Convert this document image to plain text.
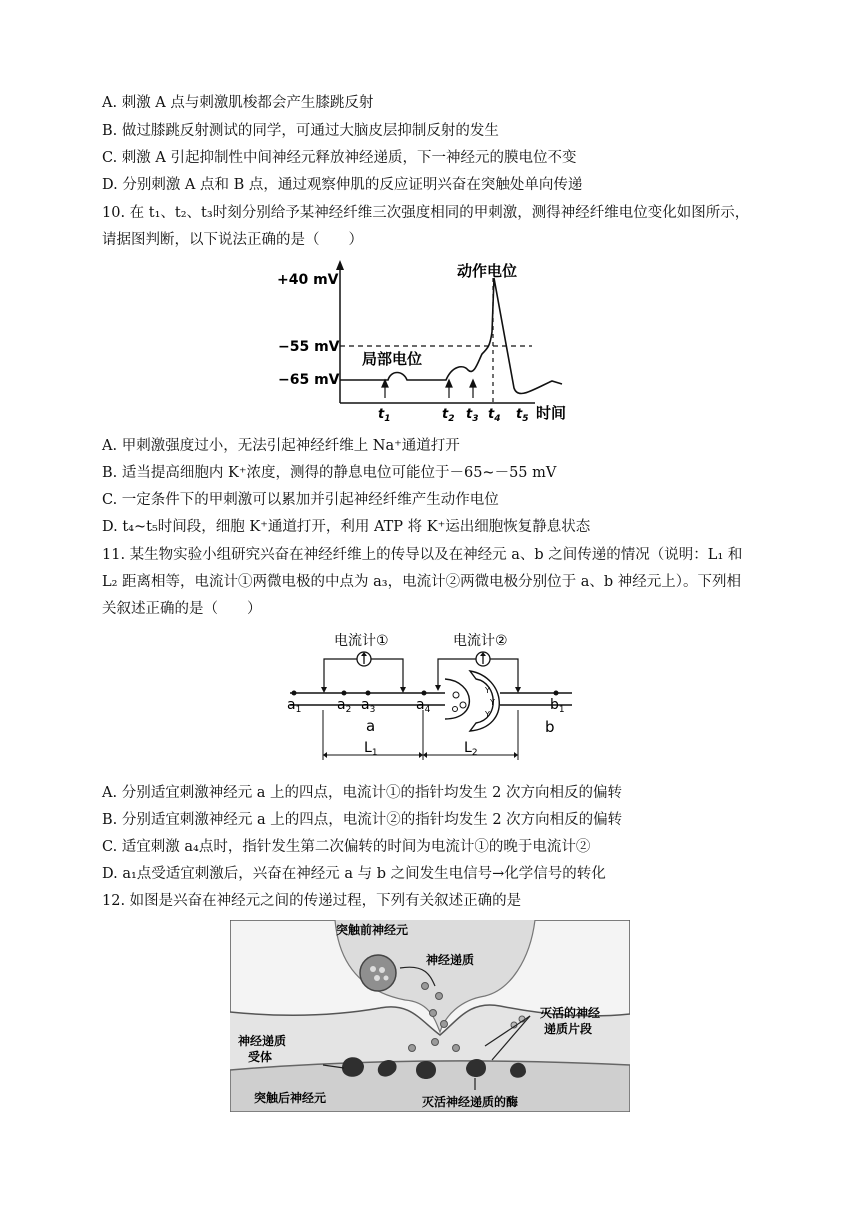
A. 刺激 A 点与刺激肌梭都会产生膝跳反射
B. 做过膝跳反射测试的同学，可通过大脑皮层抑制反射的发生
C. 刺激 A 引起抑制性中间神经元释放神经递质，下一神经元的膜电位不变
D. 分别刺激 A 点和 B 点，通过观察伸肌的反应证明兴奋在突触处单向传递
10. 在 t₁、t₂、t₃时刻分别给予某神经纤维三次强度相同的甲刺激，测得神经纤维电位变化如图所示，
请据图判断，以下说法正确的是（　　）
+40 mV
−55 mV
−65 mV
动作电位
局部电位
$t_1$	$t_2$ $t_3$ $t_4$ $t_5$ 时间
A. 甲刺激强度过小，无法引起神经纤维上 Na⁺通道打开
B. 适当提高细胞内 K⁺浓度，测得的静息电位可能位于－65~－55 mV
C. 一定条件下的甲刺激可以累加并引起神经纤维产生动作电位
D. t₄~t₅时间段，细胞 K⁺通道打开，利用 ATP 将 K⁺运出细胞恢复静息状态
11. 某生物实验小组研究兴奋在神经纤维上的传导以及在神经元 a、b 之间传递的情况（说明：L₁ 和
L₂ 距离相等，电流计①两微电极的中点为 a₃，电流计②两微电极分别位于 a、b 神经元上）。下列相
关叙述正确的是（　　）
电流计①	电流计②
Y
Y
Y
$a_1$	$a_2$ $a_3$	$a_4$	$b_1$
a	b
$L_1$	$L_2$
A. 分别适宜刺激神经元 a 上的四点，电流计①的指针均发生 2 次方向相反的偏转
B. 分别适宜刺激神经元 a 上的四点，电流计②的指针均发生 2 次方向相反的偏转
C. 适宜刺激 a₄点时，指针发生第二次偏转的时间为电流计①的晚于电流计②
D. a₁点受适宜刺激后，兴奋在神经元 a 与 b 之间发生电信号→化学信号的转化
12. 如图是兴奋在神经元之间的传递过程，下列有关叙述正确的是
突触前神经元
神经递质
灭活的神经
递质片段
神经递质
受体
突触后神经元	灭活神经递质的酶
